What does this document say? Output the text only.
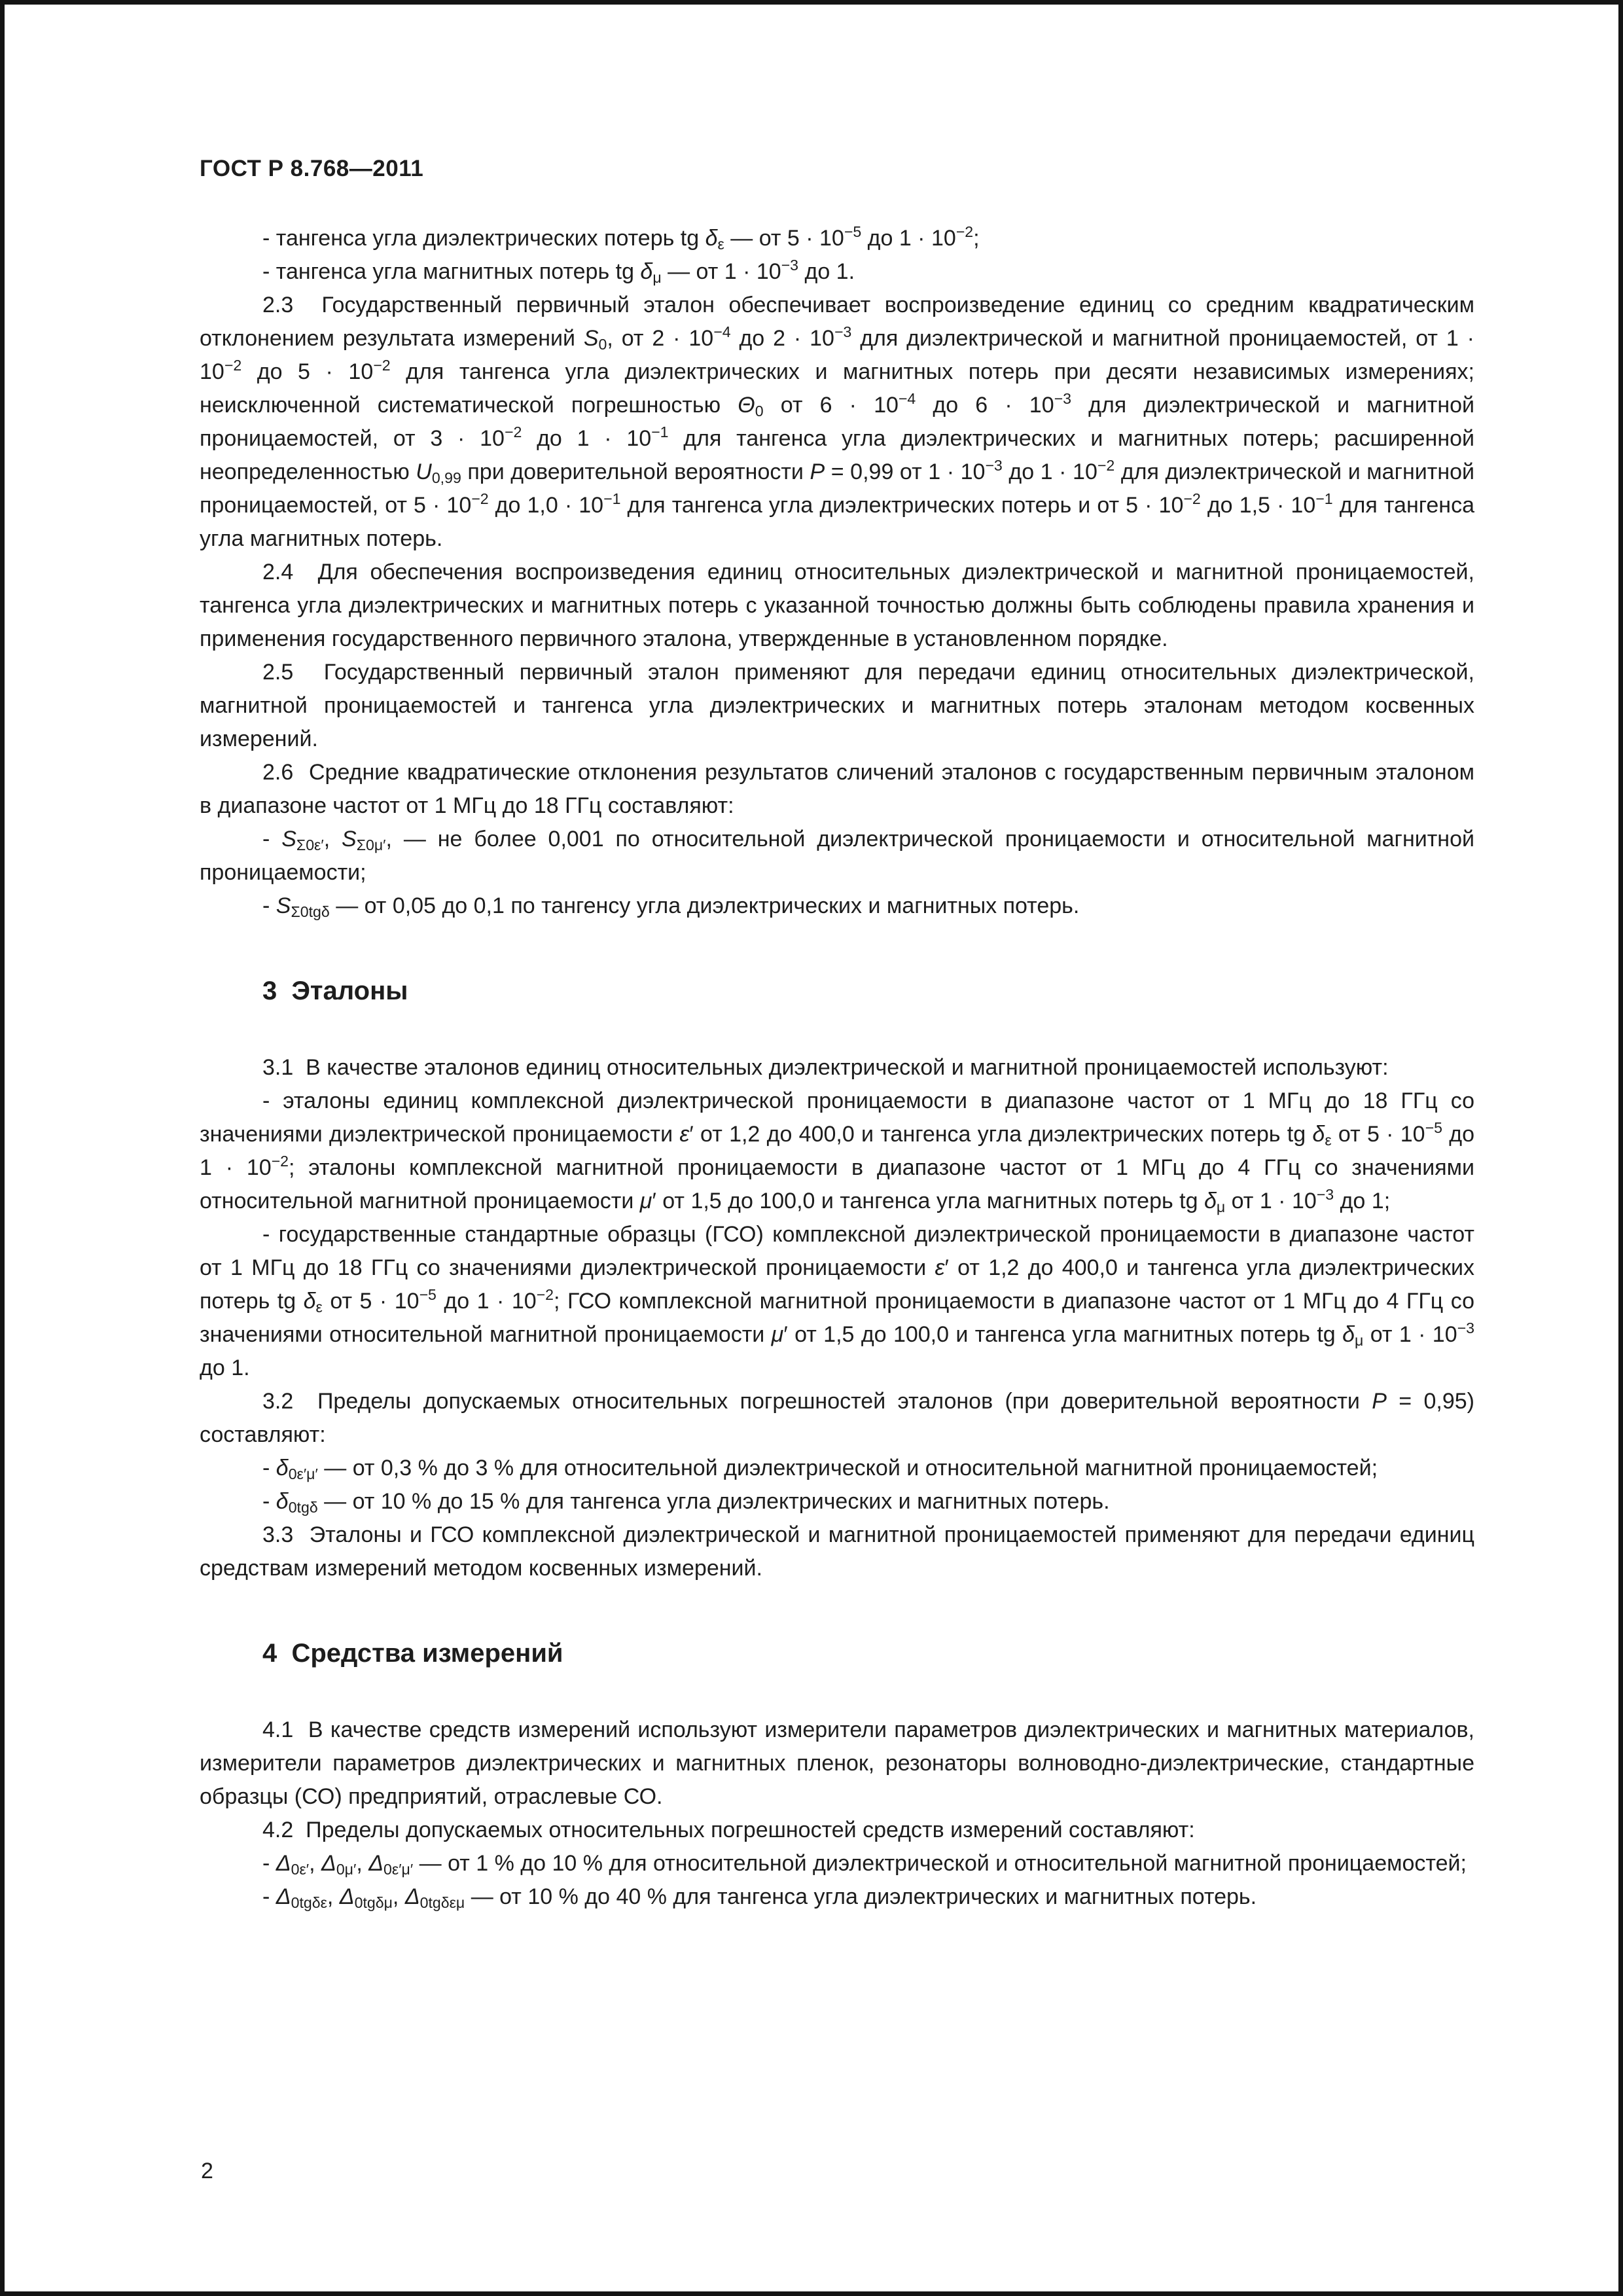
ГОСТ Р 8.768—2011

- тангенса угла диэлектрических потерь tg $\delta_\varepsilon$ — от $5 \cdot 10^{-5}$ до $1 \cdot 10^{-2}$;

- тангенса угла магнитных потерь tg $\delta_\mu$ — от $1 \cdot 10^{-3}$ до 1.

2.3  Государственный первичный эталон обеспечивает воспроизведение единиц со средним квадратическим отклонением результата измерений $S_0$, от $2 \cdot 10^{-4}$ до $2 \cdot 10^{-3}$ для диэлектрической и магнитной проницаемостей, от $1 \cdot 10^{-2}$ до $5 \cdot 10^{-2}$ для тангенса угла диэлектрических и магнитных потерь при десяти независимых измерениях; неисключенной систематической погрешностью $\Theta_0$ от $6 \cdot 10^{-4}$ до $6 \cdot 10^{-3}$ для диэлектрической и магнитной проницаемостей, от $3 \cdot 10^{-2}$ до $1 \cdot 10^{-1}$ для тангенса угла диэлектрических и магнитных потерь; расширенной неопределенностью $U_{0,99}$ при доверительной вероятности P = 0,99 от $1 \cdot 10^{-3}$ до $1 \cdot 10^{-2}$ для диэлектрической и магнитной проницаемостей, от $5 \cdot 10^{-2}$ до $1,0 \cdot 10^{-1}$ для тангенса угла диэлектрических потерь и от $5 \cdot 10^{-2}$ до $1,5 \cdot 10^{-1}$ для тангенса угла магнитных потерь.

2.4  Для обеспечения воспроизведения единиц относительных диэлектрической и магнитной проницаемостей, тангенса угла диэлектрических и магнитных потерь с указанной точностью должны быть соблюдены правила хранения и применения государственного первичного эталона, утвержденные в установленном порядке.

2.5  Государственный первичный эталон применяют для передачи единиц относительных диэлектрической, магнитной проницаемостей и тангенса угла диэлектрических и магнитных потерь эталонам методом косвенных измерений.

2.6  Средние квадратические отклонения результатов сличений эталонов с государственным первичным эталоном в диапазоне частот от 1 МГц до 18 ГГц составляют:

- $S_{\Sigma 0\varepsilon'}$, $S_{\Sigma 0\mu'}$, — не более 0,001 по относительной диэлектрической проницаемости и относительной магнитной проницаемости;

- $S_{\Sigma 0tg\delta}$ — от 0,05 до 0,1 по тангенсу угла диэлектрических и магнитных потерь.

3  Эталоны

3.1  В качестве эталонов единиц относительных диэлектрической и магнитной проницаемостей используют:

- эталоны единиц комплексной диэлектрической проницаемости в диапазоне частот от 1 МГц до 18 ГГц со значениями диэлектрической проницаемости ε′ от 1,2 до 400,0 и тангенса угла диэлектрических потерь tg $\delta_\varepsilon$ от $5 \cdot 10^{-5}$ до $1 \cdot 10^{-2}$; эталоны комплексной магнитной проницаемости в диапазоне частот от 1 МГц до 4 ГГц со значениями относительной магнитной проницаемости μ′ от 1,5 до 100,0 и тангенса угла магнитных потерь tg $\delta_\mu$ от $1 \cdot 10^{-3}$ до 1;

- государственные стандартные образцы (ГСО) комплексной диэлектрической проницаемости в диапазоне частот от 1 МГц до 18 ГГц со значениями диэлектрической проницаемости ε′ от 1,2 до 400,0 и тангенса угла диэлектрических потерь tg $\delta_\varepsilon$ от $5 \cdot 10^{-5}$ до $1 \cdot 10^{-2}$; ГСО комплексной магнитной проницаемости в диапазоне частот от 1 МГц до 4 ГГц со значениями относительной магнитной проницаемости μ′ от 1,5 до 100,0 и тангенса угла магнитных потерь tg $\delta_\mu$ от $1 \cdot 10^{-3}$ до 1.

3.2  Пределы допускаемых относительных погрешностей эталонов (при доверительной вероятности P = 0,95) составляют:

- $\delta_{0\varepsilon'\mu'}$ — от 0,3 % до 3 % для относительной диэлектрической и относительной магнитной проницаемостей;

- $\delta_{0tg\delta}$ — от 10 % до 15 % для тангенса угла диэлектрических и магнитных потерь.

3.3  Эталоны и ГСО комплексной диэлектрической и магнитной проницаемостей применяют для передачи единиц средствам измерений методом косвенных измерений.

4  Средства измерений

4.1  В качестве средств измерений используют измерители параметров диэлектрических и магнитных материалов, измерители параметров диэлектрических и магнитных пленок, резонаторы волноводно-диэлектрические, стандартные образцы (СО) предприятий, отраслевые СО.

4.2  Пределы допускаемых относительных погрешностей средств измерений составляют:

- $\Delta_{0\varepsilon'}$, $\Delta_{0\mu'}$, $\Delta_{0\varepsilon'\mu'}$ — от 1 % до 10 % для относительной диэлектрической и относительной магнитной проницаемостей;

- $\Delta_{0tg\delta\varepsilon}$, $\Delta_{0tg\delta\mu}$, $\Delta_{0tg\delta\varepsilon\mu}$ — от 10 % до 40 % для тангенса угла диэлектрических и магнитных потерь.

2
